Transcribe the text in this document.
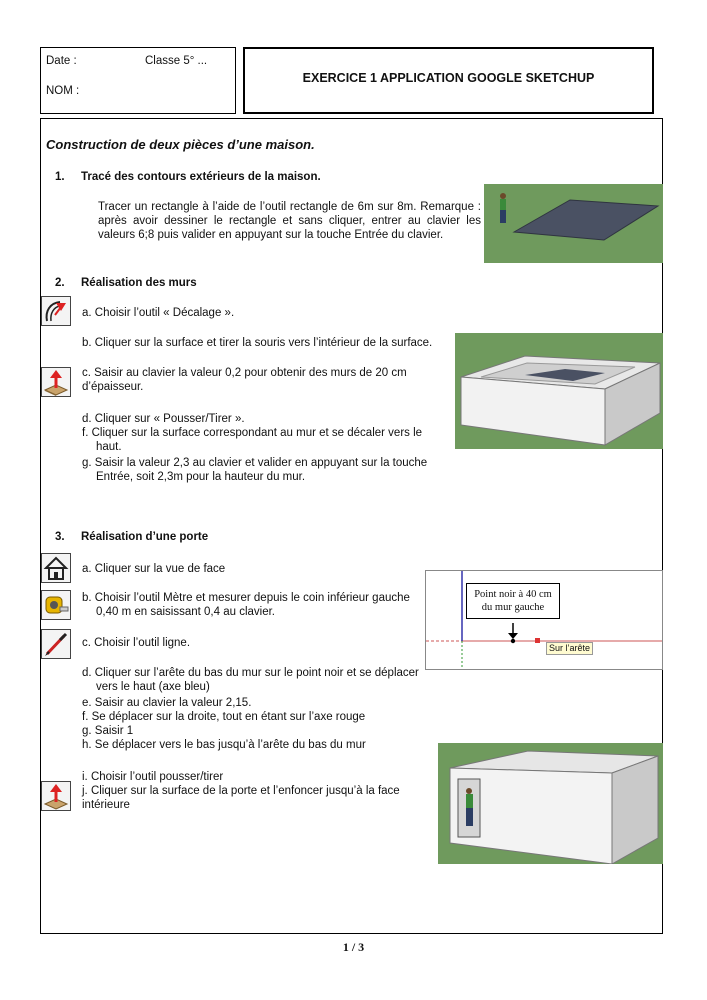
Date :	Classe 5° ...
NOM :
EXERCICE 1 APPLICATION GOOGLE SKETCHUP
Construction de deux pièces d’une maison.
1. Tracé des contours extérieurs de la maison.
Tracer un rectangle à l’aide de l’outil rectangle de 6m sur 8m. Remarque : après avoir dessiner le rectangle et sans cliquer, entrer au clavier les valeurs 6;8 puis valider en appuyant sur la touche Entrée du clavier.
2. Réalisation des murs
a. Choisir l’outil « Décalage ».
b. Cliquer sur la surface et tirer la souris vers l’intérieur de la surface.
c. Saisir au clavier la valeur 0,2 pour obtenir des murs de 20 cm d’épaisseur.
d. Cliquer sur « Pousser/Tirer ».
f. Cliquer sur la surface correspondant au mur et se décaler vers le haut.
g. Saisir la valeur 2,3 au clavier et valider en appuyant sur la touche Entrée, soit 2,3m pour la hauteur du mur.
3. Réalisation d’une porte
a. Cliquer sur la vue de face
b. Choisir l’outil Mètre et mesurer depuis le coin inférieur gauche 0,40 m en saisissant 0,4 au clavier.
c. Choisir l’outil ligne.
d. Cliquer sur l’arête du bas du mur sur le point noir et se déplacer vers le haut (axe bleu)
e. Saisir au clavier la valeur 2,15.
f. Se déplacer sur la droite, tout en étant sur l’axe rouge
g. Saisir 1
h. Se déplacer vers le bas jusqu’à l’arête du bas du mur
i. Choisir l’outil pousser/tirer
j. Cliquer sur la surface de la porte et l’enfoncer jusqu’à la face intérieure
Point noir à 40 cm
du mur gauche
Sur l’arête
1 / 3
